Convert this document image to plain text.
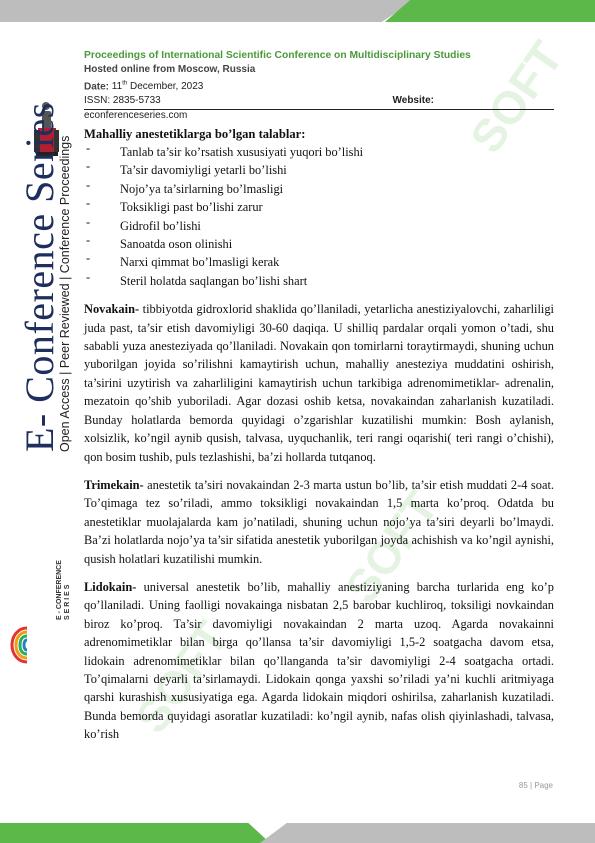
SOFT
SOFT
SOFT
E- Conference Series
Open Access | Peer Reviewed | Conference Proceedings
E - CONFERENCE S E R I E S
Proceedings of International Scientific Conference on Multidisciplinary Studies
Hosted online from Moscow, Russia
Date: 11th December, 2023
ISSN: 2835-5733	Website:
econferenceseries.com
Mahalliy anestetiklarga bo’lgan talablar:
- Tanlab ta’sir ko’rsatish xususiyati yuqori bo’lishi
- Ta’sir davomiyligi yetarli bo’lishi
- Nojo’ya ta’sirlarning bo’lmasligi
- Toksikligi past bo’lishi zarur
- Gidrofil bo’lishi
- Sanoatda oson olinishi
- Narxi qimmat bo’lmasligi kerak
- Steril holatda saqlangan bo’lishi shart

Novakain- tibbiyotda gidroxlorid shaklida qo’llaniladi, yetarlicha anestiziyalovchi, zaharliligi juda past, ta’sir etish davomiyligi 30-60 daqiqa. U shilliq pardalar orqali yomon o’tadi, shu sababli yuza anesteziyada qo’llaniladi. Novakain qon tomirlarni toraytirmaydi, shuning uchun yuborilgan joyida so’rilishni kamaytirish uchun, mahalliy anesteziya muddatini oshirish, ta’sirini uzytirish va zaharliligini kamaytirish uchun tarkibiga adrenomimetiklar- adrenalin, mezatoin qo’shib yuboriladi. Agar dozasi oshib ketsa, novakaindan zaharlanish kuzatiladi. Bunday holatlarda bemorda quyidagi o’zgarishlar kuzatilishi mumkin: Bosh aylanish, xolsizlik, ko’ngil aynib qusish, talvasa, uyquchanlik, teri rangi oqarishi( teri rangi o’chishi), qon bosim tushib, puls tezlashishi, ba’zi hollarda tutqanoq.

Trimekain- anestetik ta’siri novakaindan 2-3 marta ustun bo’lib, ta’sir etish muddati 2-4 soat. To’qimaga tez so’riladi, ammo toksikligi novakaindan 1,5 marta ko’proq. Odatda bu anestetiklar muolajalarda kam jo’natiladi, shuning uchun nojo’ya ta’siri deyarli bo’lmaydi. Ba’zi holatlarda nojo’ya ta’sir sifatida anestetik yuborilgan joyda achishish va ko’ngil aynishi, qusish holatlari kuzatilishi mumkin.

Lidokain- universal anestetik bo’lib, mahalliy anestiziyaning barcha turlarida eng ko’p qo’llaniladi. Uning faolligi novakainga nisbatan 2,5 barobar kuchliroq, toksiligi novkaindan biroz ko’proq. Ta’sir davomiyligi novakaindan 2 marta uzoq. Agarda novakainni adrenomimetiklar bilan birga qo’llansa ta’sir davomiyligi 1,5-2 soatgacha davom etsa, lidokain adrenomimetiklar bilan qo’llanganda ta’sir davomiyligi 2-4 soatgacha ortadi. To’qimalarni deyarli ta’sirlamaydi. Lidokain qonga yaxshi so’riladi ya’ni kuchli aritmiyaga qarshi kurashish xususiyatiga ega. Agarda lidokain miqdori oshirilsa, zaharlanish kuzatiladi. Bunda bemorda quyidagi asoratlar kuzatiladi: ko’ngil aynib, nafas olish qiyinlashadi, talvasa, ko’rish

85 | Page
